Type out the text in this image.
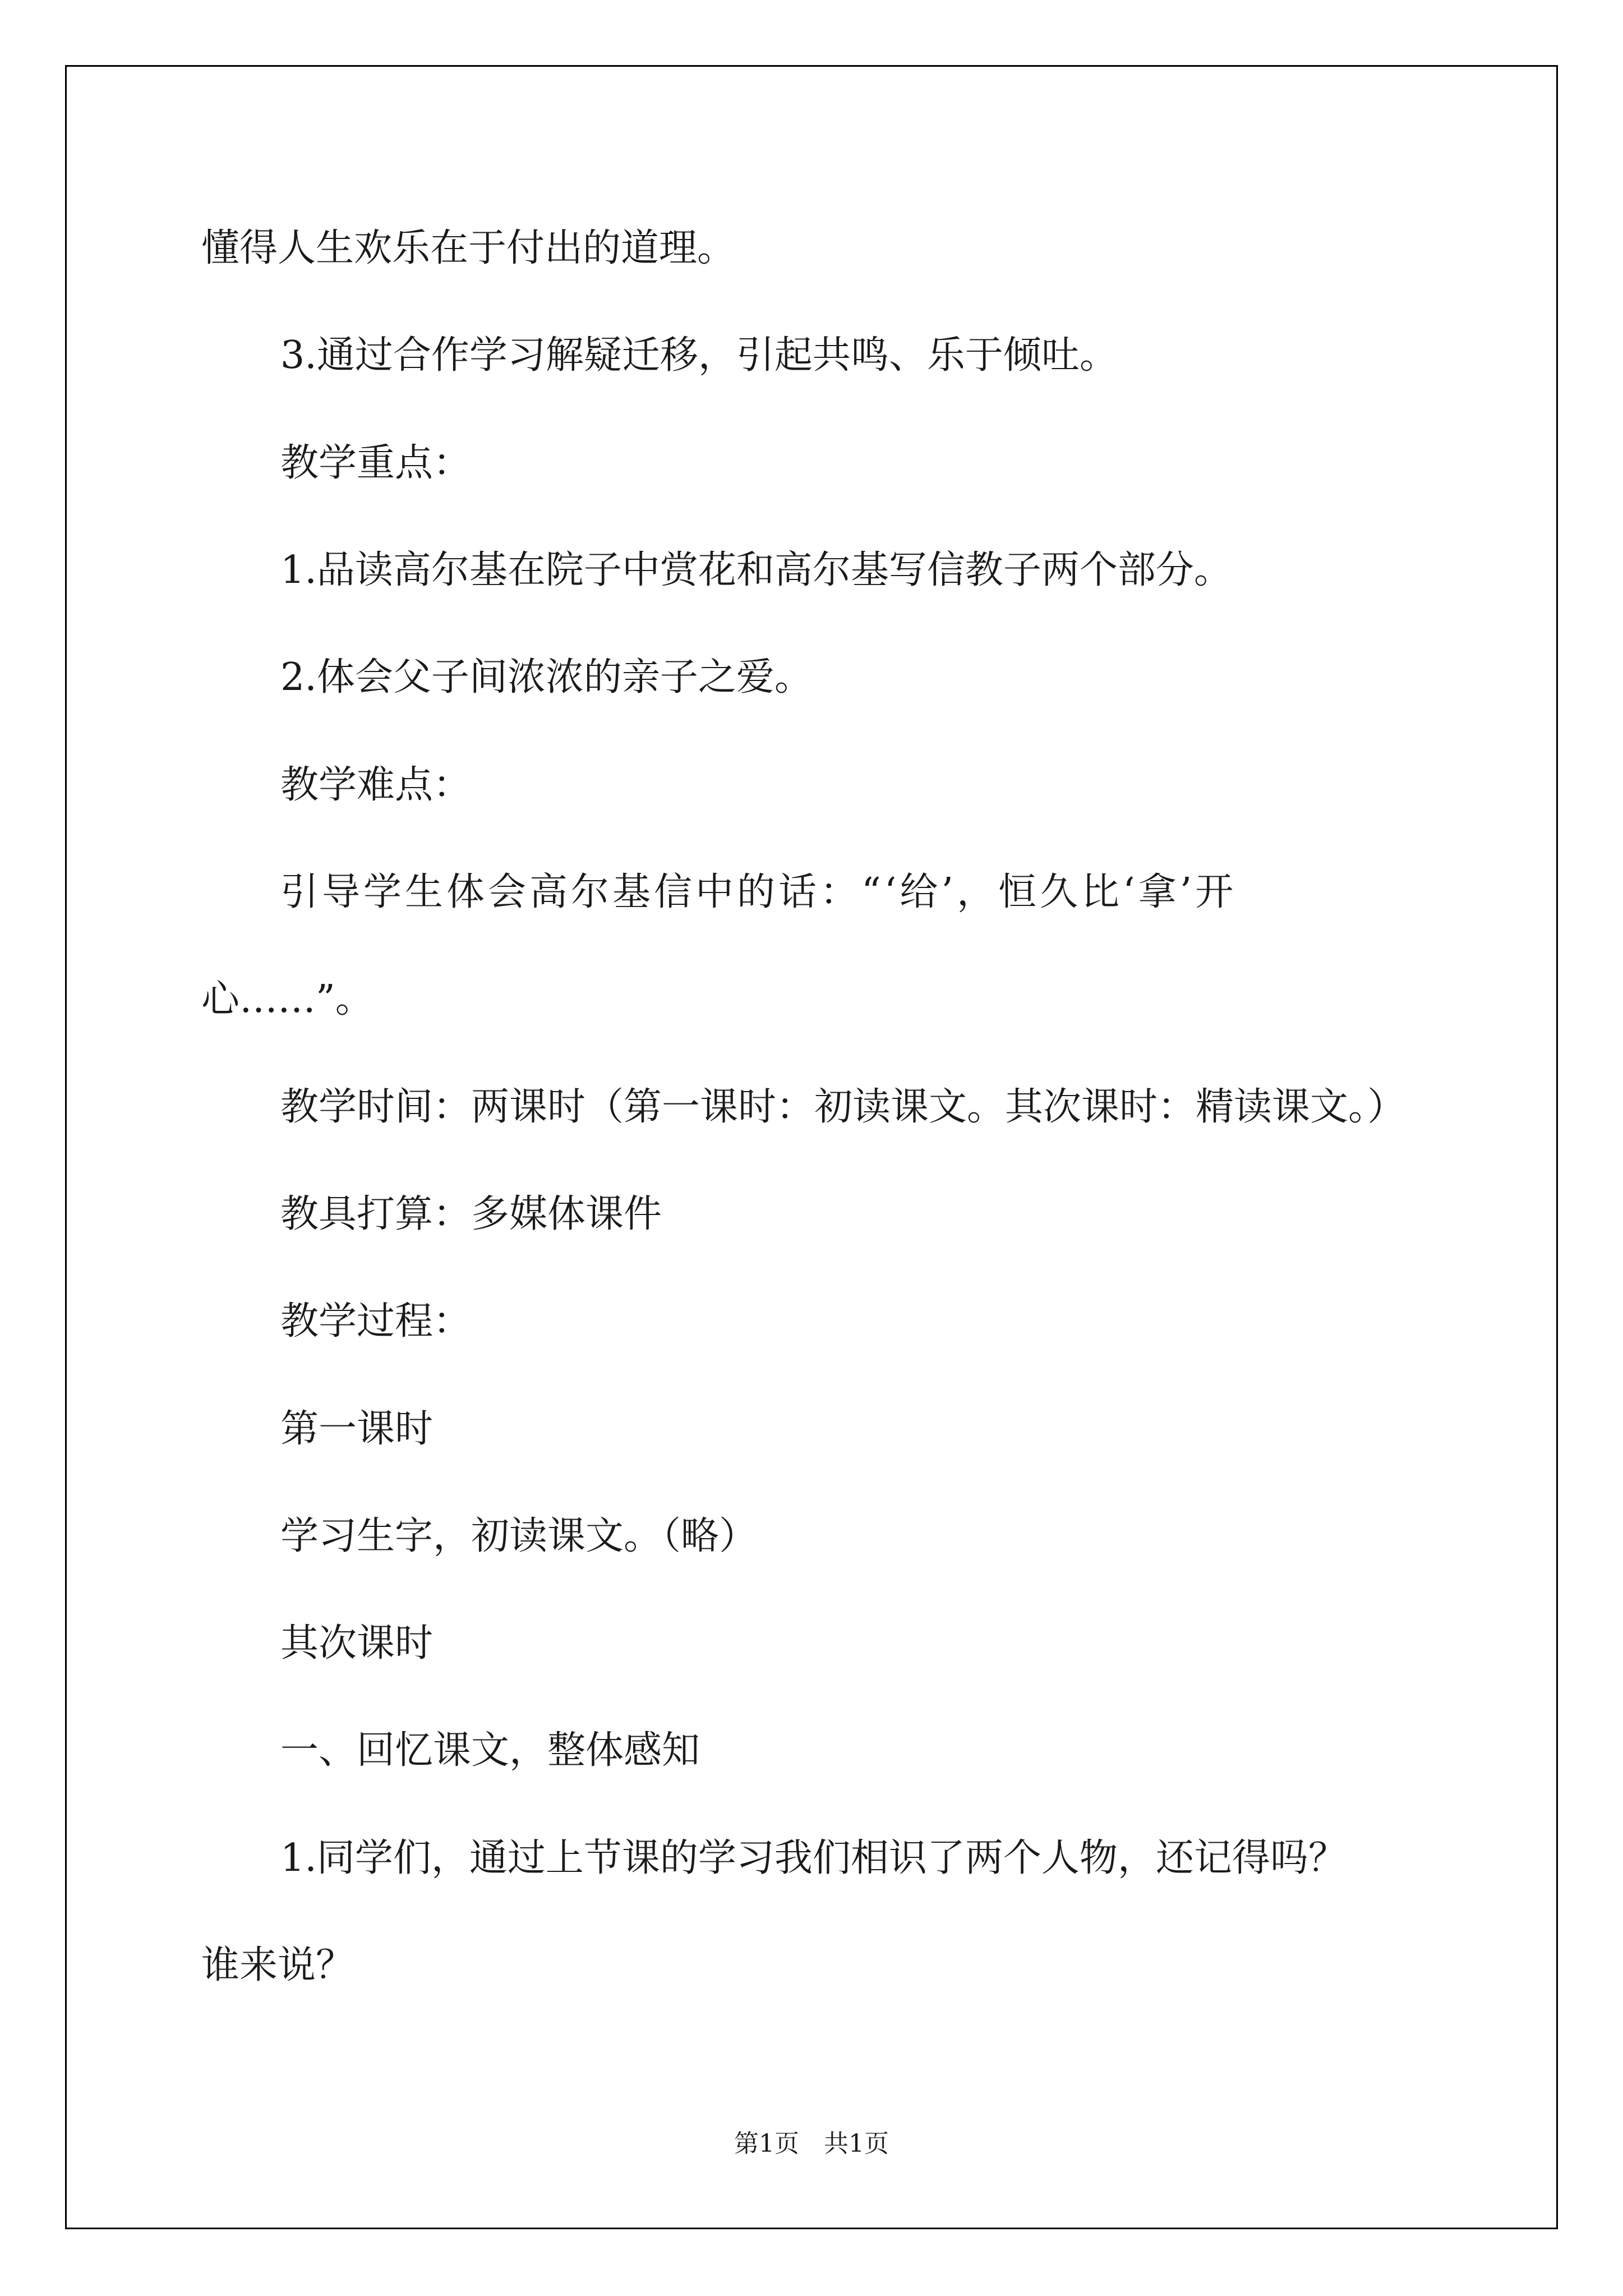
懂得人生欢乐在于付出的道理。
3.通过合作学习解疑迁移，引起共鸣、乐于倾吐。
教学重点：
1.品读高尔基在院子中赏花和高尔基写信教子两个部分。
2.体会父子间浓浓的亲子之爱。
教学难点：
引导学生体会高尔基信中的话：“‘给’，恒久比‘拿’开
心……”。
教学时间：两课时（第一课时：初读课文。其次课时：精读课文。）
教具打算：多媒体课件
教学过程：
第一课时
学习生字，初读课文。（略）
其次课时
一、回忆课文，整体感知
1.同学们，通过上节课的学习我们相识了两个人物，还记得吗？
谁来说？
第1页　共1页
